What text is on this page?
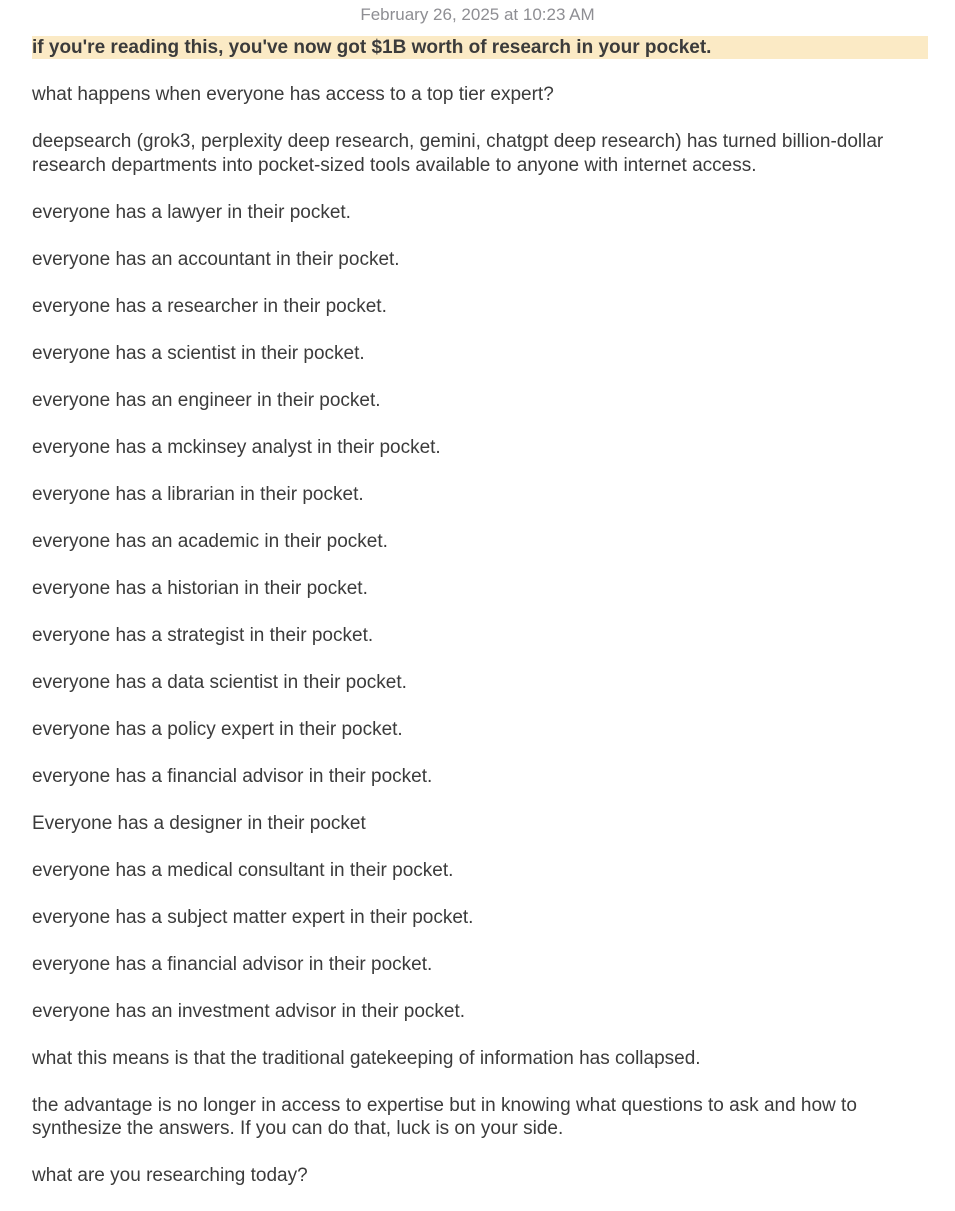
February 26, 2025 at 10:23 AM
if you're reading this, you've now got $1B worth of research in your pocket.
what happens when everyone has access to a top tier expert?
deepsearch (grok3, perplexity deep research, gemini, chatgpt deep research) has turned billion-dollar research departments into pocket-sized tools available to anyone with internet access.
everyone has a lawyer in their pocket.
everyone has an accountant in their pocket.
everyone has a researcher in their pocket.
everyone has a scientist in their pocket.
everyone has an engineer in their pocket.
everyone has a mckinsey analyst in their pocket.
everyone has a librarian in their pocket.
everyone has an academic in their pocket.
everyone has a historian in their pocket.
everyone has a strategist in their pocket.
everyone has a data scientist in their pocket.
everyone has a policy expert in their pocket.
everyone has a financial advisor in their pocket.
Everyone has a designer in their pocket
everyone has a medical consultant in their pocket.
everyone has a subject matter expert in their pocket.
everyone has a financial advisor in their pocket.
everyone has an investment advisor in their pocket.
what this means is that the traditional gatekeeping of information has collapsed.
the advantage is no longer in access to expertise but in knowing what questions to ask and how to synthesize the answers. If you can do that, luck is on your side.
what are you researching today?
